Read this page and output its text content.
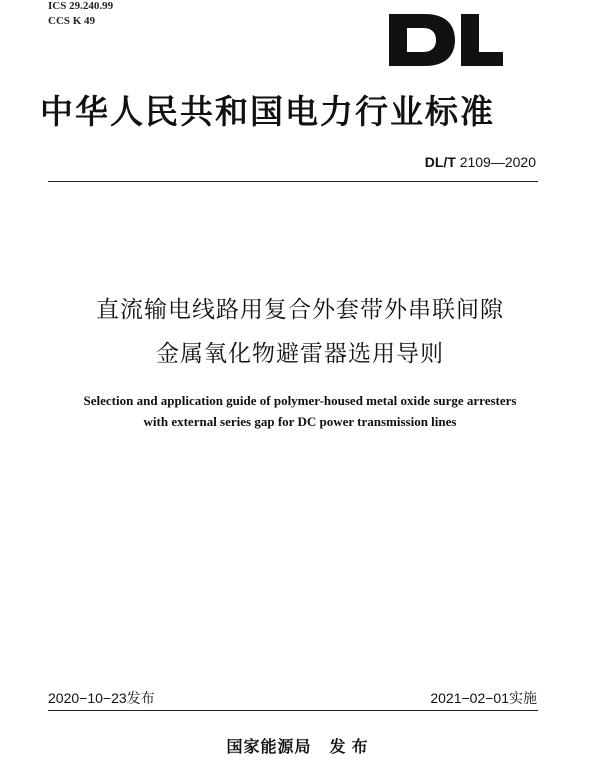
ICS 29.240.99
CCS K 49
中华人民共和国电力行业标准
DL/T 2109—2020
直流输电线路用复合外套带外串联间隙
金属氧化物避雷器选用导则
Selection and application guide of polymer-housed metal oxide surge arresters
with external series gap for DC power transmission lines
2020−10−23发布	2021−02−01实施
国家能源局 发布
